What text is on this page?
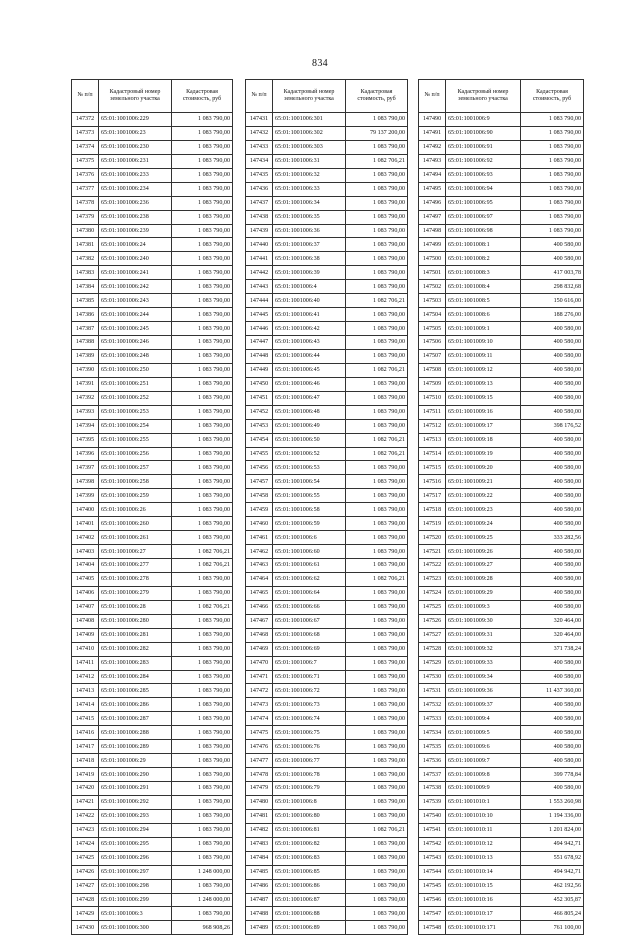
834
№ п/п	Кадастровый номер земельного участка	Кадастровая стоимость, руб
147372	65:01:1001006:229	1 083 790,00
147373	65:01:1001006:23	1 083 790,00
147374	65:01:1001006:230	1 083 790,00
147375	65:01:1001006:231	1 083 790,00
147376	65:01:1001006:233	1 083 790,00
147377	65:01:1001006:234	1 083 790,00
147378	65:01:1001006:236	1 083 790,00
147379	65:01:1001006:238	1 083 790,00
147380	65:01:1001006:239	1 083 790,00
147381	65:01:1001006:24	1 083 790,00
147382	65:01:1001006:240	1 083 790,00
147383	65:01:1001006:241	1 083 790,00
147384	65:01:1001006:242	1 083 790,00
147385	65:01:1001006:243	1 083 790,00
147386	65:01:1001006:244	1 083 790,00
147387	65:01:1001006:245	1 083 790,00
147388	65:01:1001006:246	1 083 790,00
147389	65:01:1001006:248	1 083 790,00
147390	65:01:1001006:250	1 083 790,00
147391	65:01:1001006:251	1 083 790,00
147392	65:01:1001006:252	1 083 790,00
147393	65:01:1001006:253	1 083 790,00
147394	65:01:1001006:254	1 083 790,00
147395	65:01:1001006:255	1 083 790,00
147396	65:01:1001006:256	1 083 790,00
147397	65:01:1001006:257	1 083 790,00
147398	65:01:1001006:258	1 083 790,00
147399	65:01:1001006:259	1 083 790,00
147400	65:01:1001006:26	1 083 790,00
147401	65:01:1001006:260	1 083 790,00
147402	65:01:1001006:261	1 083 790,00
147403	65:01:1001006:27	1 082 706,21
147404	65:01:1001006:277	1 082 706,21
147405	65:01:1001006:278	1 083 790,00
147406	65:01:1001006:279	1 083 790,00
147407	65:01:1001006:28	1 082 706,21
147408	65:01:1001006:280	1 083 790,00
147409	65:01:1001006:281	1 083 790,00
147410	65:01:1001006:282	1 083 790,00
147411	65:01:1001006:283	1 083 790,00
147412	65:01:1001006:284	1 083 790,00
147413	65:01:1001006:285	1 083 790,00
147414	65:01:1001006:286	1 083 790,00
147415	65:01:1001006:287	1 083 790,00
147416	65:01:1001006:288	1 083 790,00
147417	65:01:1001006:289	1 083 790,00
147418	65:01:1001006:29	1 083 790,00
147419	65:01:1001006:290	1 083 790,00
147420	65:01:1001006:291	1 083 790,00
147421	65:01:1001006:292	1 083 790,00
147422	65:01:1001006:293	1 083 790,00
147423	65:01:1001006:294	1 083 790,00
147424	65:01:1001006:295	1 083 790,00
147425	65:01:1001006:296	1 083 790,00
147426	65:01:1001006:297	1 248 000,00
147427	65:01:1001006:298	1 083 790,00
147428	65:01:1001006:299	1 248 000,00
147429	65:01:1001006:3	1 083 790,00
147430	65:01:1001006:300	968 908,26
№ п/п	Кадастровый номер земельного участка	Кадастровая стоимость, руб
147431	65:01:1001006:301	1 083 790,00
147432	65:01:1001006:302	79 137 200,00
147433	65:01:1001006:303	1 083 790,00
147434	65:01:1001006:31	1 082 706,21
147435	65:01:1001006:32	1 083 790,00
147436	65:01:1001006:33	1 083 790,00
147437	65:01:1001006:34	1 083 790,00
147438	65:01:1001006:35	1 083 790,00
147439	65:01:1001006:36	1 083 790,00
147440	65:01:1001006:37	1 083 790,00
147441	65:01:1001006:38	1 083 790,00
147442	65:01:1001006:39	1 083 790,00
147443	65:01:1001006:4	1 083 790,00
147444	65:01:1001006:40	1 082 706,21
147445	65:01:1001006:41	1 083 790,00
147446	65:01:1001006:42	1 083 790,00
147447	65:01:1001006:43	1 083 790,00
147448	65:01:1001006:44	1 083 790,00
147449	65:01:1001006:45	1 082 706,21
147450	65:01:1001006:46	1 083 790,00
147451	65:01:1001006:47	1 083 790,00
147452	65:01:1001006:48	1 083 790,00
147453	65:01:1001006:49	1 083 790,00
147454	65:01:1001006:50	1 082 706,21
147455	65:01:1001006:52	1 082 706,21
147456	65:01:1001006:53	1 083 790,00
147457	65:01:1001006:54	1 083 790,00
147458	65:01:1001006:55	1 083 790,00
147459	65:01:1001006:58	1 083 790,00
147460	65:01:1001006:59	1 083 790,00
147461	65:01:1001006:6	1 083 790,00
147462	65:01:1001006:60	1 083 790,00
147463	65:01:1001006:61	1 083 790,00
147464	65:01:1001006:62	1 082 706,21
147465	65:01:1001006:64	1 083 790,00
147466	65:01:1001006:66	1 083 790,00
147467	65:01:1001006:67	1 083 790,00
147468	65:01:1001006:68	1 083 790,00
147469	65:01:1001006:69	1 083 790,00
147470	65:01:1001006:7	1 083 790,00
147471	65:01:1001006:71	1 083 790,00
147472	65:01:1001006:72	1 083 790,00
147473	65:01:1001006:73	1 083 790,00
147474	65:01:1001006:74	1 083 790,00
147475	65:01:1001006:75	1 083 790,00
147476	65:01:1001006:76	1 083 790,00
147477	65:01:1001006:77	1 083 790,00
147478	65:01:1001006:78	1 083 790,00
147479	65:01:1001006:79	1 083 790,00
147480	65:01:1001006:8	1 083 790,00
147481	65:01:1001006:80	1 083 790,00
147482	65:01:1001006:81	1 082 706,21
147483	65:01:1001006:82	1 083 790,00
147484	65:01:1001006:83	1 083 790,00
147485	65:01:1001006:85	1 083 790,00
147486	65:01:1001006:86	1 083 790,00
147487	65:01:1001006:87	1 083 790,00
147488	65:01:1001006:88	1 083 790,00
147489	65:01:1001006:89	1 083 790,00
№ п/п	Кадастровый номер земельного участка	Кадастровая стоимость, руб
147490	65:01:1001006:9	1 083 790,00
147491	65:01:1001006:90	1 083 790,00
147492	65:01:1001006:91	1 083 790,00
147493	65:01:1001006:92	1 083 790,00
147494	65:01:1001006:93	1 083 790,00
147495	65:01:1001006:94	1 083 790,00
147496	65:01:1001006:95	1 083 790,00
147497	65:01:1001006:97	1 083 790,00
147498	65:01:1001006:98	1 083 790,00
147499	65:01:1001008:1	400 580,00
147500	65:01:1001008:2	400 580,00
147501	65:01:1001008:3	417 003,78
147502	65:01:1001008:4	298 832,68
147503	65:01:1001008:5	150 616,00
147504	65:01:1001008:6	188 276,00
147505	65:01:1001009:1	400 580,00
147506	65:01:1001009:10	400 580,00
147507	65:01:1001009:11	400 580,00
147508	65:01:1001009:12	400 580,00
147509	65:01:1001009:13	400 580,00
147510	65:01:1001009:15	400 580,00
147511	65:01:1001009:16	400 580,00
147512	65:01:1001009:17	398 176,52
147513	65:01:1001009:18	400 580,00
147514	65:01:1001009:19	400 580,00
147515	65:01:1001009:20	400 580,00
147516	65:01:1001009:21	400 580,00
147517	65:01:1001009:22	400 580,00
147518	65:01:1001009:23	400 580,00
147519	65:01:1001009:24	400 580,00
147520	65:01:1001009:25	333 282,56
147521	65:01:1001009:26	400 580,00
147522	65:01:1001009:27	400 580,00
147523	65:01:1001009:28	400 580,00
147524	65:01:1001009:29	400 580,00
147525	65:01:1001009:3	400 580,00
147526	65:01:1001009:30	320 464,00
147527	65:01:1001009:31	320 464,00
147528	65:01:1001009:32	371 738,24
147529	65:01:1001009:33	400 580,00
147530	65:01:1001009:34	400 580,00
147531	65:01:1001009:36	11 437 360,00
147532	65:01:1001009:37	400 580,00
147533	65:01:1001009:4	400 580,00
147534	65:01:1001009:5	400 580,00
147535	65:01:1001009:6	400 580,00
147536	65:01:1001009:7	400 580,00
147537	65:01:1001009:8	399 778,84
147538	65:01:1001009:9	400 580,00
147539	65:01:1001010:1	1 553 260,98
147540	65:01:1001010:10	1 194 336,00
147541	65:01:1001010:11	1 201 824,00
147542	65:01:1001010:12	494 942,71
147543	65:01:1001010:13	551 678,92
147544	65:01:1001010:14	494 942,71
147545	65:01:1001010:15	462 192,56
147546	65:01:1001010:16	452 305,87
147547	65:01:1001010:17	466 805,24
147548	65:01:1001010:171	761 100,00
